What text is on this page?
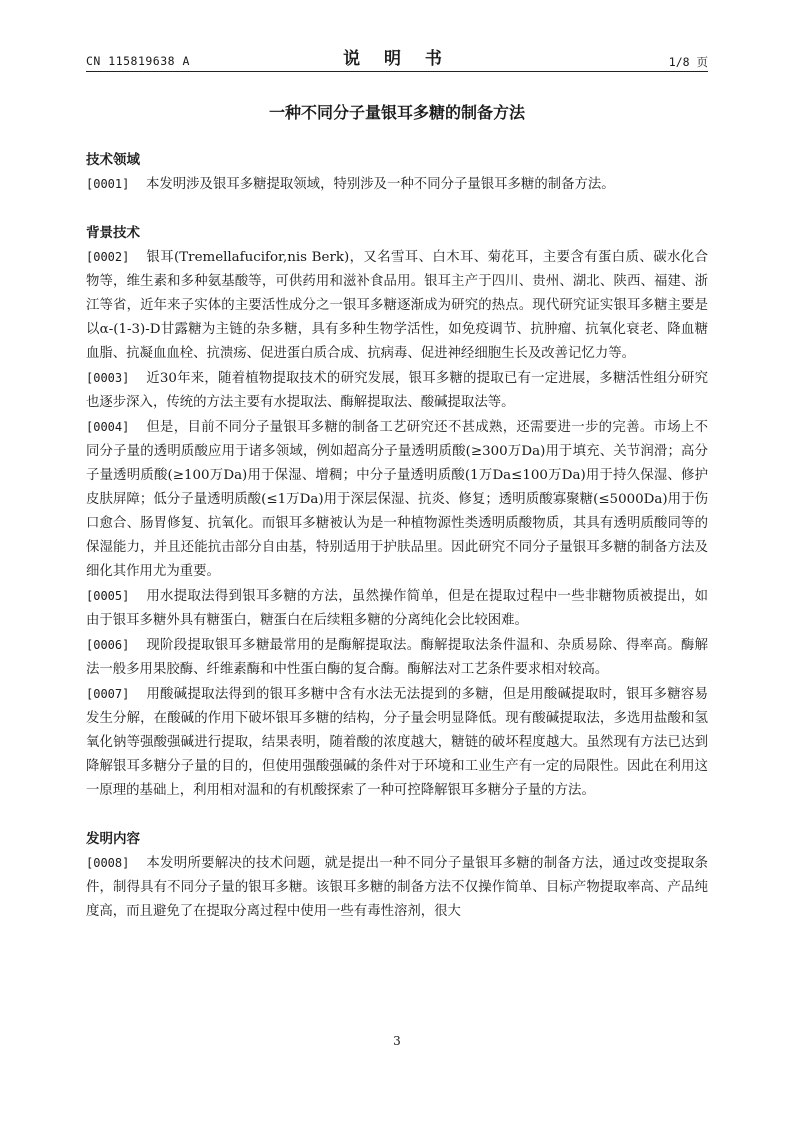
CN 115819638 A	说 明 书	1/8 页
一种不同分子量银耳多糖的制备方法
技术领域

[0001] 本发明涉及银耳多糖提取领域，特别涉及一种不同分子量银耳多糖的制备方法。

背景技术

[0002] 银耳(Tremellafucifor,nis Berk)，又名雪耳、白木耳、菊花耳，主要含有蛋白质、碳水化合物等，维生素和多种氨基酸等，可供药用和滋补食品用。银耳主产于四川、贵州、湖北、陕西、福建、浙江等省，近年来子实体的主要活性成分之一银耳多糖逐渐成为研究的热点。现代研究证实银耳多糖主要是以α-(1-3)-D甘露糖为主链的杂多糖，具有多种生物学活性，如免疫调节、抗肿瘤、抗氧化衰老、降血糖血脂、抗凝血血栓、抗溃疡、促进蛋白质合成、抗病毒、促进神经细胞生长及改善记忆力等。

[0003] 近30年来，随着植物提取技术的研究发展，银耳多糖的提取已有一定进展，多糖活性组分研究也逐步深入，传统的方法主要有水提取法、酶解提取法、酸碱提取法等。

[0004] 但是，目前不同分子量银耳多糖的制备工艺研究还不甚成熟，还需要进一步的完善。市场上不同分子量的透明质酸应用于诸多领域，例如超高分子量透明质酸(≥300万Da)用于填充、关节润滑；高分子量透明质酸(≥100万Da)用于保湿、增稠；中分子量透明质酸(1万Da≤100万Da)用于持久保湿、修护皮肤屏障；低分子量透明质酸(≤1万Da)用于深层保湿、抗炎、修复；透明质酸寡聚糖(≤5000Da)用于伤口愈合、肠胃修复、抗氧化。而银耳多糖被认为是一种植物源性类透明质酸物质，其具有透明质酸同等的保湿能力，并且还能抗击部分自由基，特别适用于护肤品里。因此研究不同分子量银耳多糖的制备方法及细化其作用尤为重要。

[0005] 用水提取法得到银耳多糖的方法，虽然操作简单，但是在提取过程中一些非糖物质被提出，如由于银耳多糖外具有糖蛋白，糖蛋白在后续粗多糖的分离纯化会比较困难。

[0006] 现阶段提取银耳多糖最常用的是酶解提取法。酶解提取法条件温和、杂质易除、得率高。酶解法一般多用果胶酶、纤维素酶和中性蛋白酶的复合酶。酶解法对工艺条件要求相对较高。

[0007] 用酸碱提取法得到的银耳多糖中含有水法无法提到的多糖，但是用酸碱提取时，银耳多糖容易发生分解，在酸碱的作用下破坏银耳多糖的结构，分子量会明显降低。现有酸碱提取法，多选用盐酸和氢氧化钠等强酸强碱进行提取，结果表明，随着酸的浓度越大，糖链的破坏程度越大。虽然现有方法已达到降解银耳多糖分子量的目的，但使用强酸强碱的条件对于环境和工业生产有一定的局限性。因此在利用这一原理的基础上，利用相对温和的有机酸探索了一种可控降解银耳多糖分子量的方法。

发明内容

[0008] 本发明所要解决的技术问题，就是提出一种不同分子量银耳多糖的制备方法，通过改变提取条件，制得具有不同分子量的银耳多糖。该银耳多糖的制备方法不仅操作简单、目标产物提取率高、产品纯度高，而且避免了在提取分离过程中使用一些有毒性溶剂，很大

3
